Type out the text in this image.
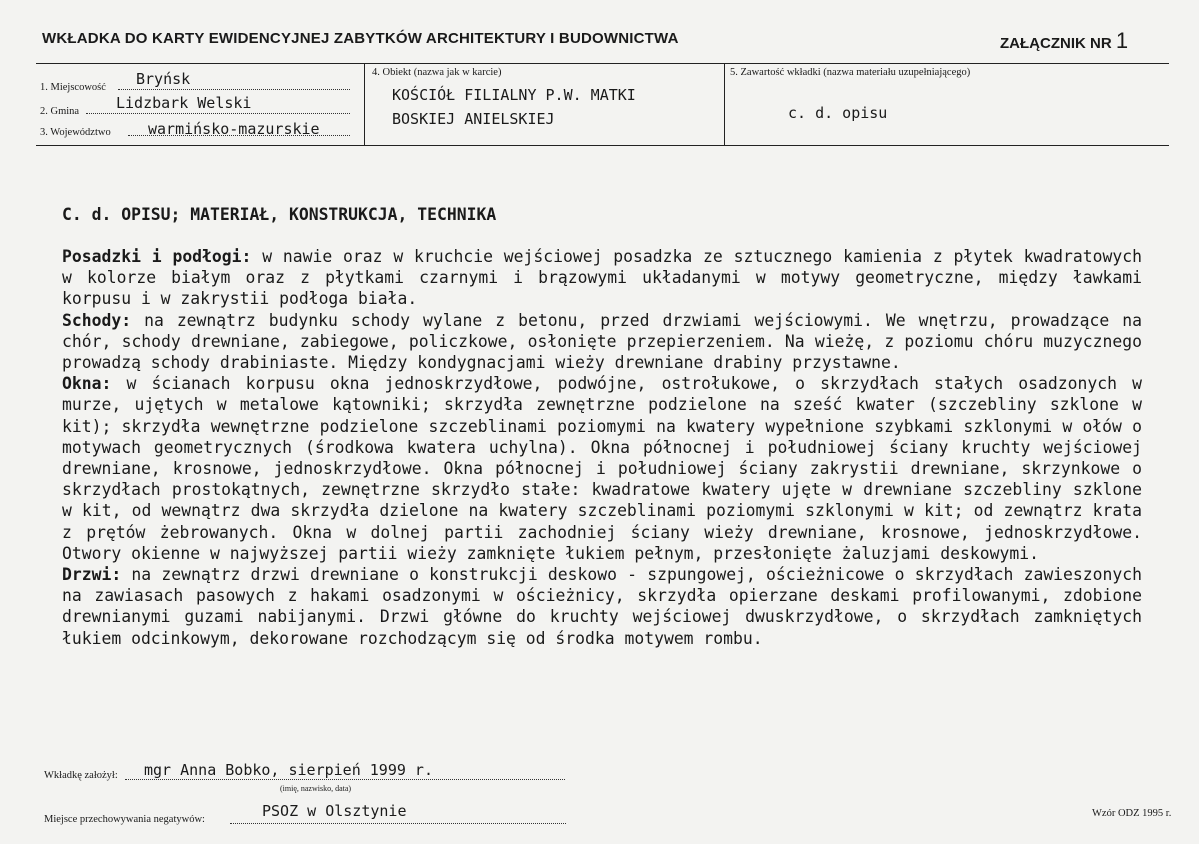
WKŁADKA DO KARTY EWIDENCYJNEJ ZABYTKÓW ARCHITEKTURY I BUDOWNICTWA	ZAŁĄCZNIK NR 1
1. Miejscowość Bryńsk
2. Gmina Lidzbark Welski
3. Województwo warmińsko-mazurskie
4. Obiekt (nazwa jak w karcie)
KOŚCIÓŁ FILIALNY P.W. MATKI
BOSKIEJ ANIELSKIEJ
5. Zawartość wkładki (nazwa materiału uzupełniającego)
c. d. opisu
C. d. OPISU; MATERIAŁ, KONSTRUKCJA, TECHNIKA

Posadzki i podłogi: w nawie oraz w kruchcie wejściowej posadzka ze sztucznego kamienia z płytek kwadratowych w kolorze białym oraz z płytkami czarnymi i brązowymi układanymi w motywy geometryczne, między ławkami korpusu i w zakrystii podłoga biała.

Schody: na zewnątrz budynku schody wylane z betonu, przed drzwiami wejściowymi. We wnętrzu, prowadzące na chór, schody drewniane, zabiegowe, policzkowe, osłonięte przepierzeniem. Na wieżę, z poziomu chóru muzycznego prowadzą schody drabiniaste. Między kondygnacjami wieży drewniane drabiny przystawne.

Okna: w ścianach korpusu okna jednoskrzydłowe, podwójne, ostrołukowe, o skrzydłach stałych osadzonych w murze, ujętych w metalowe kątowniki; skrzydła zewnętrzne podzielone na sześć kwater (szczebliny szklone w kit); skrzydła wewnętrzne podzielone szczeblinami poziomymi na kwatery wypełnione szybkami szklonymi w ołów o motywach geometrycznych (środkowa kwatera uchylna). Okna północnej i południowej ściany kruchty wejściowej drewniane, krosnowe, jednoskrzydłowe. Okna północnej i południowej ściany zakrystii drewniane, skrzynkowe o skrzydłach prostokątnych, zewnętrzne skrzydło stałe: kwadratowe kwatery ujęte w drewniane szczebliny szklone w kit, od wewnątrz dwa skrzydła dzielone na kwatery szczeblinami poziomymi szklonymi w kit; od zewnątrz krata z prętów żebrowanych. Okna w dolnej partii zachodniej ściany wieży drewniane, krosnowe, jednoskrzydłowe. Otwory okienne w najwyższej partii wieży zamknięte łukiem pełnym, przesłonięte żaluzjami deskowymi.

Drzwi: na zewnątrz drzwi drewniane o konstrukcji deskowo - szpungowej, ościeżnicowe o skrzydłach zawieszonych na zawiasach pasowych z hakami osadzonymi w ościeżnicy, skrzydła opierzane deskami profilowanymi, zdobione drewnianymi guzami nabijanymi. Drzwi główne do kruchty wejściowej dwuskrzydłowe, o skrzydłach zamkniętych łukiem odcinkowym, dekorowane rozchodzącym się od środka motywem rombu.

Wkładkę założył: mgr Anna Bobko, sierpień 1999 r.
(imię, nazwisko, data)
Miejsce przechowywania negatywów:	PSOZ w Olsztynie	Wzór ODZ 1995 r.
